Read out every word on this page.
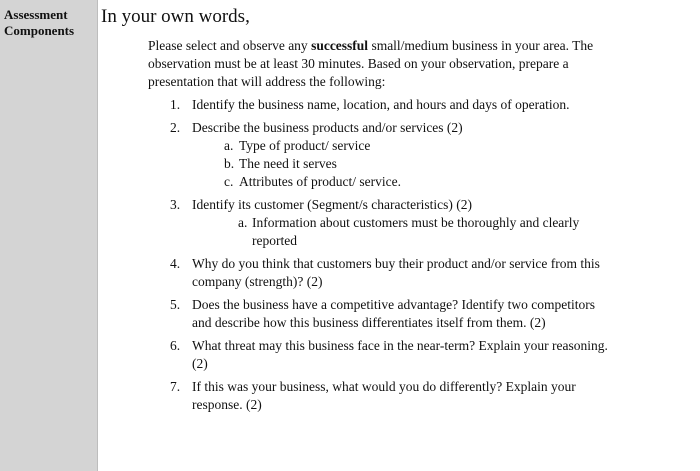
Assessment
Components
In your own words,
Please select and observe any successful small/medium business in your area. The observation must be at least 30 minutes. Based on your observation, prepare a presentation that will address the following:
1. Identify the business name, location, and hours and days of operation.
2. Describe the business products and/or services (2)
a. Type of product/ service
b. The need it serves
c. Attributes of product/ service.
3. Identify its customer (Segment/s characteristics) (2)
a. Information about customers must be thoroughly and clearly reported
4. Why do you think that customers buy their product and/or service from this company (strength)? (2)
5. Does the business have a competitive advantage? Identify two competitors and describe how this business differentiates itself from them. (2)
6. What threat may this business face in the near-term? Explain your reasoning. (2)
7. If this was your business, what would you do differently? Explain your response. (2)
